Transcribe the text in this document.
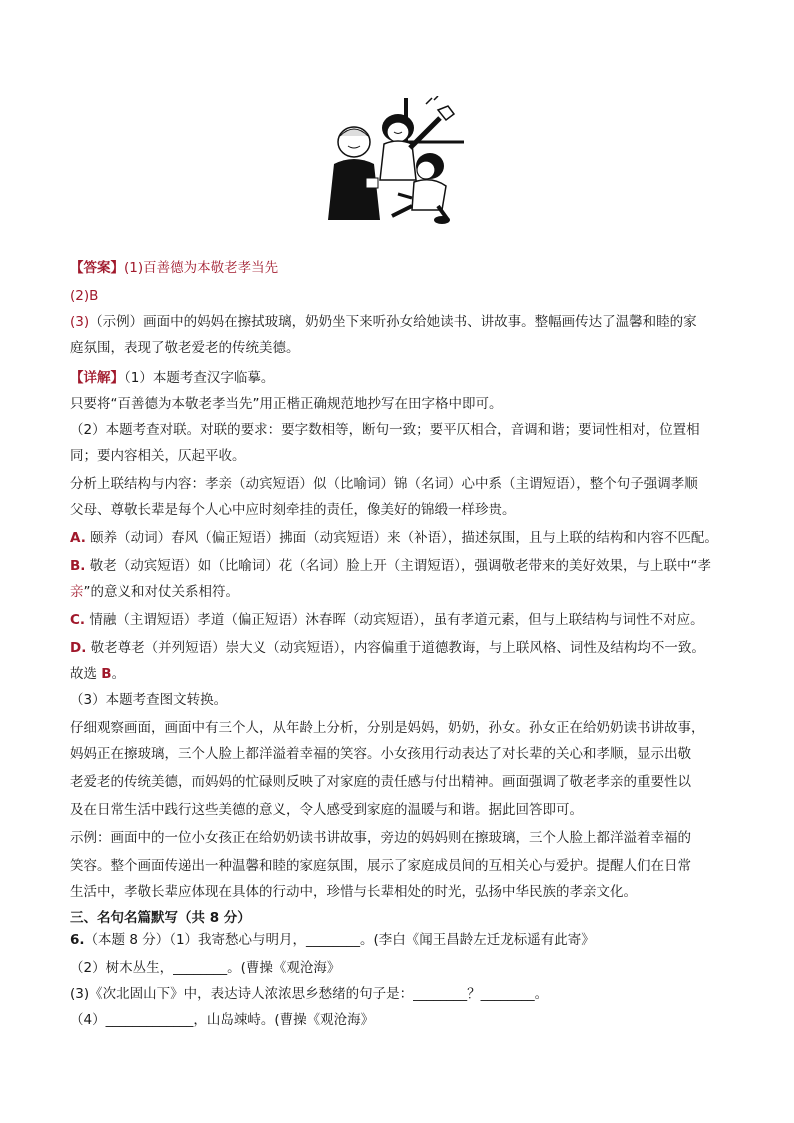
【答案】(1)百善德为本敬老孝当先
(2)B
(3)（示例）画面中的妈妈在擦拭玻璃，奶奶坐下来听孙女给她读书、讲故事。整幅画传达了温馨和睦的家
庭氛围，表现了敬老爱老的传统美德。
【详解】（1）本题考查汉字临摹。
只要将“百善德为本敬老孝当先”用正楷正确规范地抄写在田字格中即可。
（2）本题考查对联。对联的要求：要字数相等，断句一致；要平仄相合，音调和谐；要词性相对，位置相
同；要内容相关，仄起平收。
分析上联结构与内容：孝亲（动宾短语）似（比喻词）锦（名词）心中系（主谓短语），整个句子强调孝顺
父母、尊敬长辈是每个人心中应时刻牵挂的责任，像美好的锦缎一样珍贵。
A. 颐养（动词）春风（偏正短语）拂面（动宾短语）来（补语），描述氛围，且与上联的结构和内容不匹配。
B. 敬老（动宾短语）如（比喻词）花（名词）脸上开（主谓短语），强调敬老带来的美好效果，与上联中“孝
亲”的意义和对仗关系相符。
C. 情融（主谓短语）孝道（偏正短语）沐春晖（动宾短语），虽有孝道元素，但与上联结构与词性不对应。
D. 敬老尊老（并列短语）崇大义（动宾短语），内容偏重于道德教诲，与上联风格、词性及结构均不一致。
故选 B。
（3）本题考查图文转换。
仔细观察画面，画面中有三个人，从年龄上分析，分别是妈妈，奶奶，孙女。孙女正在给奶奶读书讲故事，
妈妈正在擦玻璃，三个人脸上都洋溢着幸福的笑容。小女孩用行动表达了对长辈的关心和孝顺，显示出敬
老爱老的传统美德，而妈妈的忙碌则反映了对家庭的责任感与付出精神。画面强调了敬老孝亲的重要性以
及在日常生活中践行这些美德的意义，令人感受到家庭的温暖与和谐。据此回答即可。
示例：画面中的一位小女孩正在给奶奶读书讲故事，旁边的妈妈则在擦玻璃，三个人脸上都洋溢着幸福的
笑容。整个画面传递出一种温馨和睦的家庭氛围，展示了家庭成员间的互相关心与爱护。提醒人们在日常
生活中，孝敬长辈应体现在具体的行动中，珍惜与长辈相处的时光，弘扬中华民族的孝亲文化。
三、名句名篇默写（共 8 分）
6.（本题 8 分）（1）我寄愁心与明月，________。(李白《闻王昌龄左迁龙标遥有此寄》
（2）树木丛生，________。(曹操《观沧海》
(3)《次北固山下》中，表达诗人浓浓思乡愁绪的句子是：________？________。
（4）_____________，山岛竦峙。(曹操《观沧海》
